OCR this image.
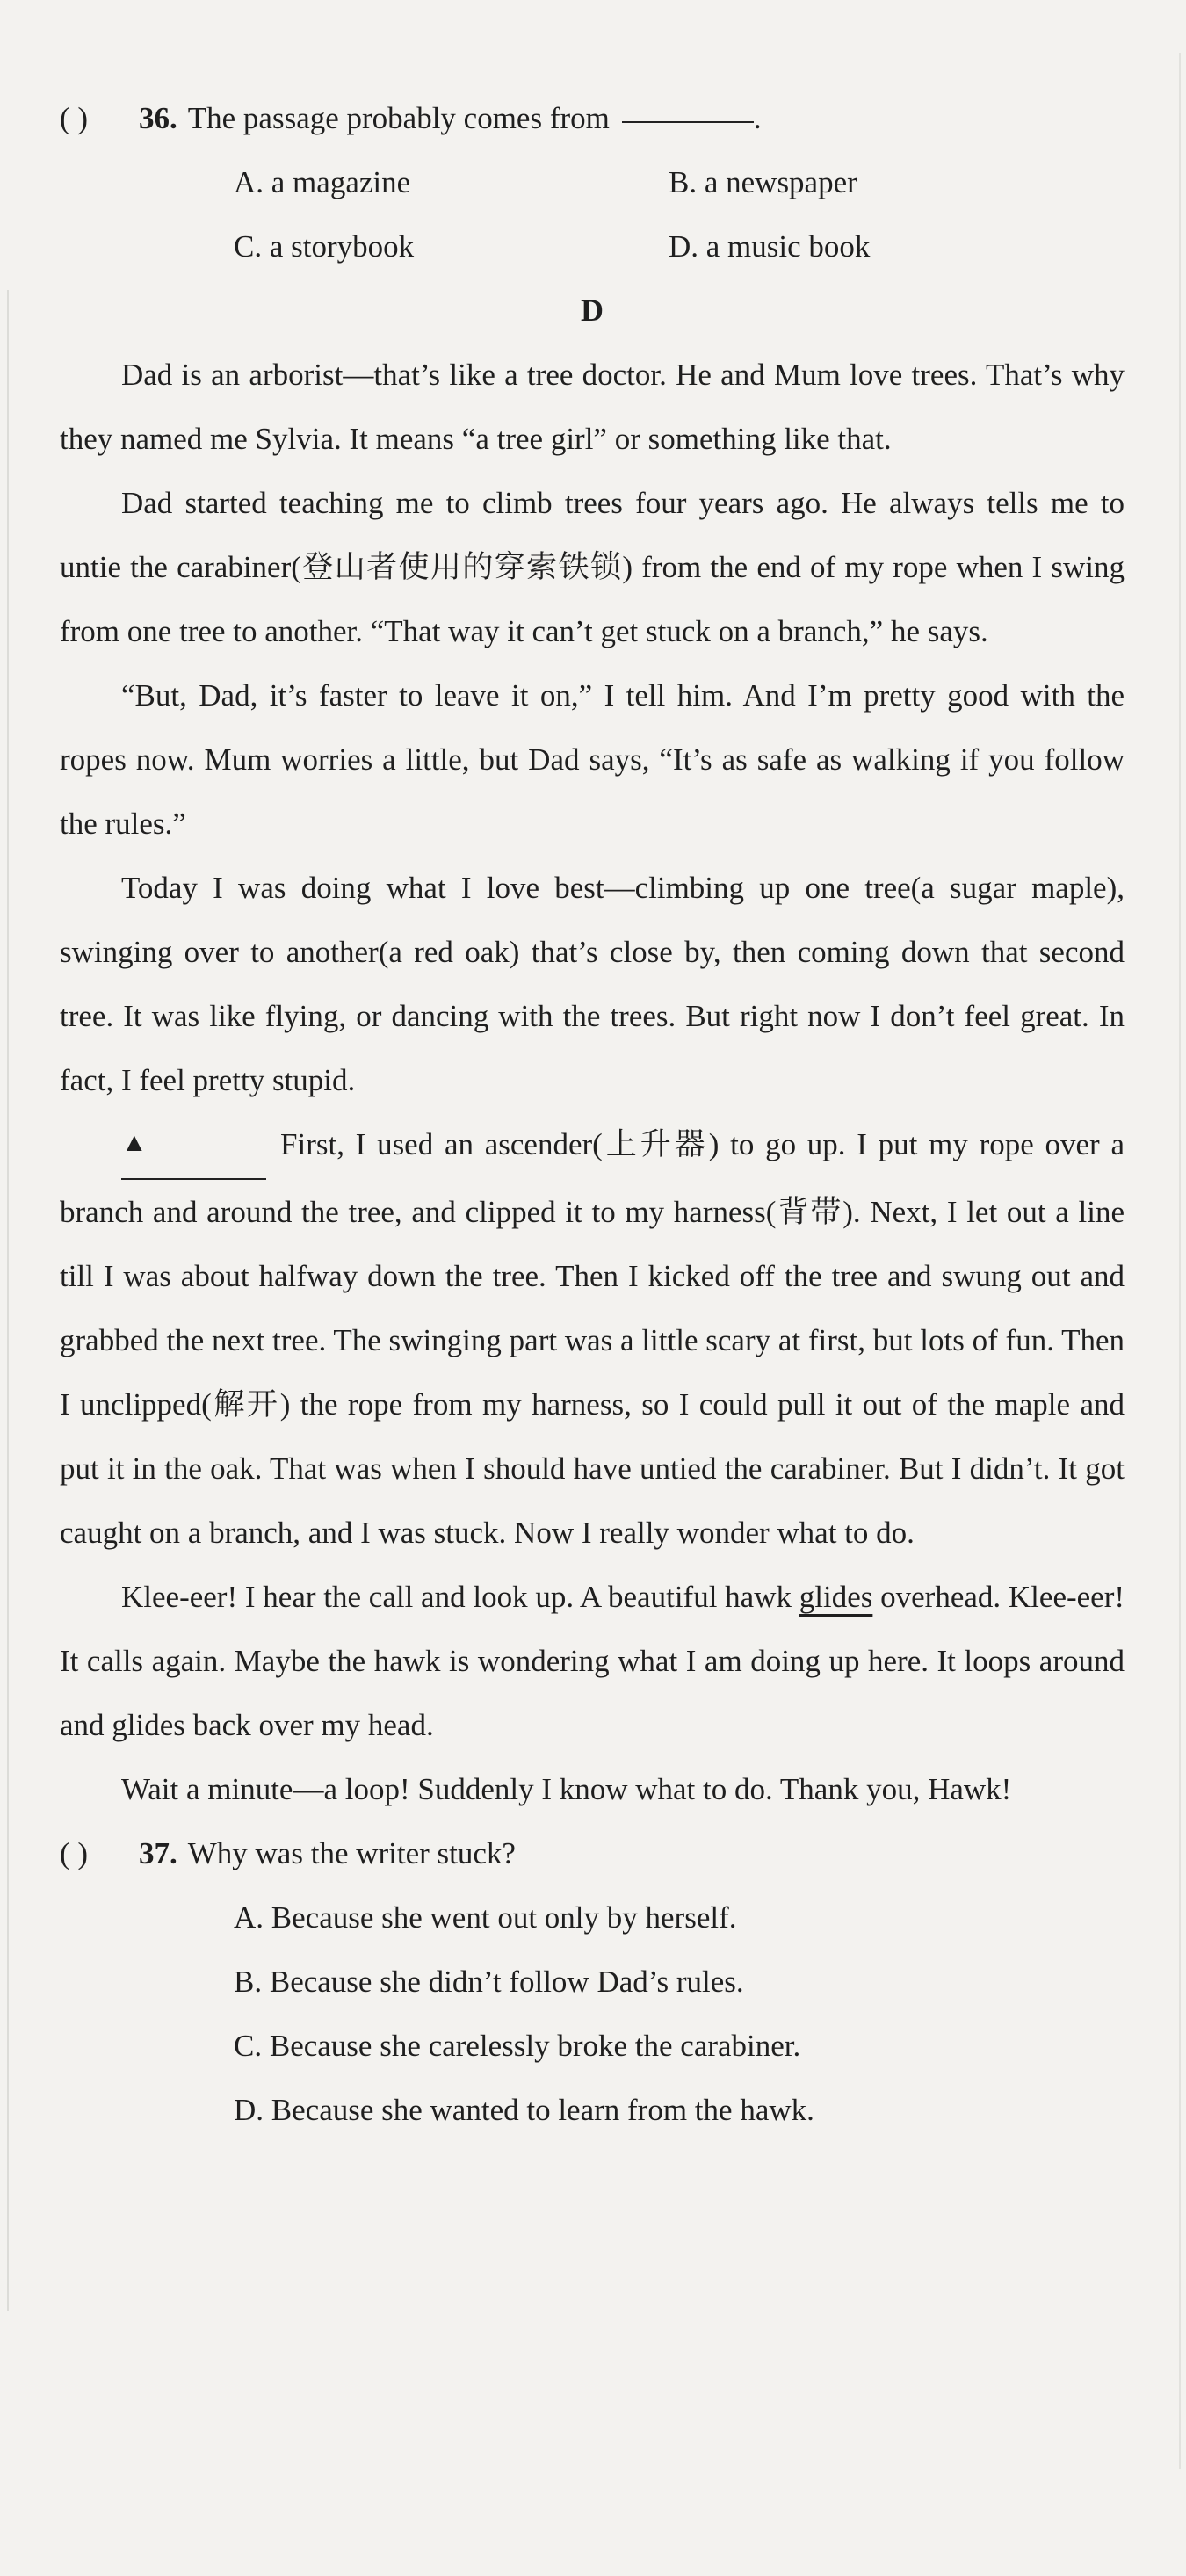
( )	36. The passage probably comes from	.
A. a magazine	B. a newspaper
C. a storybook	D. a music book
D

Dad is an arborist—that’s like a tree doctor. He and Mum love trees. That’s why they named me Sylvia. It means “a tree girl” or something like that.

Dad started teaching me to climb trees four years ago. He always tells me to untie the carabiner(登山者使用的穿索铁锁) from the end of my rope when I swing from one tree to another. “That way it can’t get stuck on a branch,” he says.

“But, Dad, it’s faster to leave it on,” I tell him. And I’m pretty good with the ropes now. Mum worries a little, but Dad says, “It’s as safe as walking if you follow the rules.”

Today I was doing what I love best—climbing up one tree(a sugar maple), swinging over to another(a red oak) that’s close by, then coming down that second tree. It was like flying, or dancing with the trees. But right now I don’t feel great. In fact, I feel pretty stupid.

▲	First, I used an ascender(上升器) to go up. I put my rope over a branch and around the tree, and clipped it to my harness(背带). Next, I let out a line till I was about halfway down the tree. Then I kicked off the tree and swung out and grabbed the next tree. The swinging part was a little scary at first, but lots of fun. Then I unclipped(解开) the rope from my harness, so I could pull it out of the maple and put it in the oak. That was when I should have untied the carabiner. But I didn’t. It got caught on a branch, and I was stuck. Now I really wonder what to do.

Klee-eer! I hear the call and look up. A beautiful hawk glides overhead. Klee-eer! It calls again. Maybe the hawk is wondering what I am doing up here. It loops around and glides back over my head.

Wait a minute—a loop! Suddenly I know what to do. Thank you, Hawk!

( )	37. Why was the writer stuck?
A. Because she went out only by herself.
B. Because she didn’t follow Dad’s rules.
C. Because she carelessly broke the carabiner.
D. Because she wanted to learn from the hawk.
